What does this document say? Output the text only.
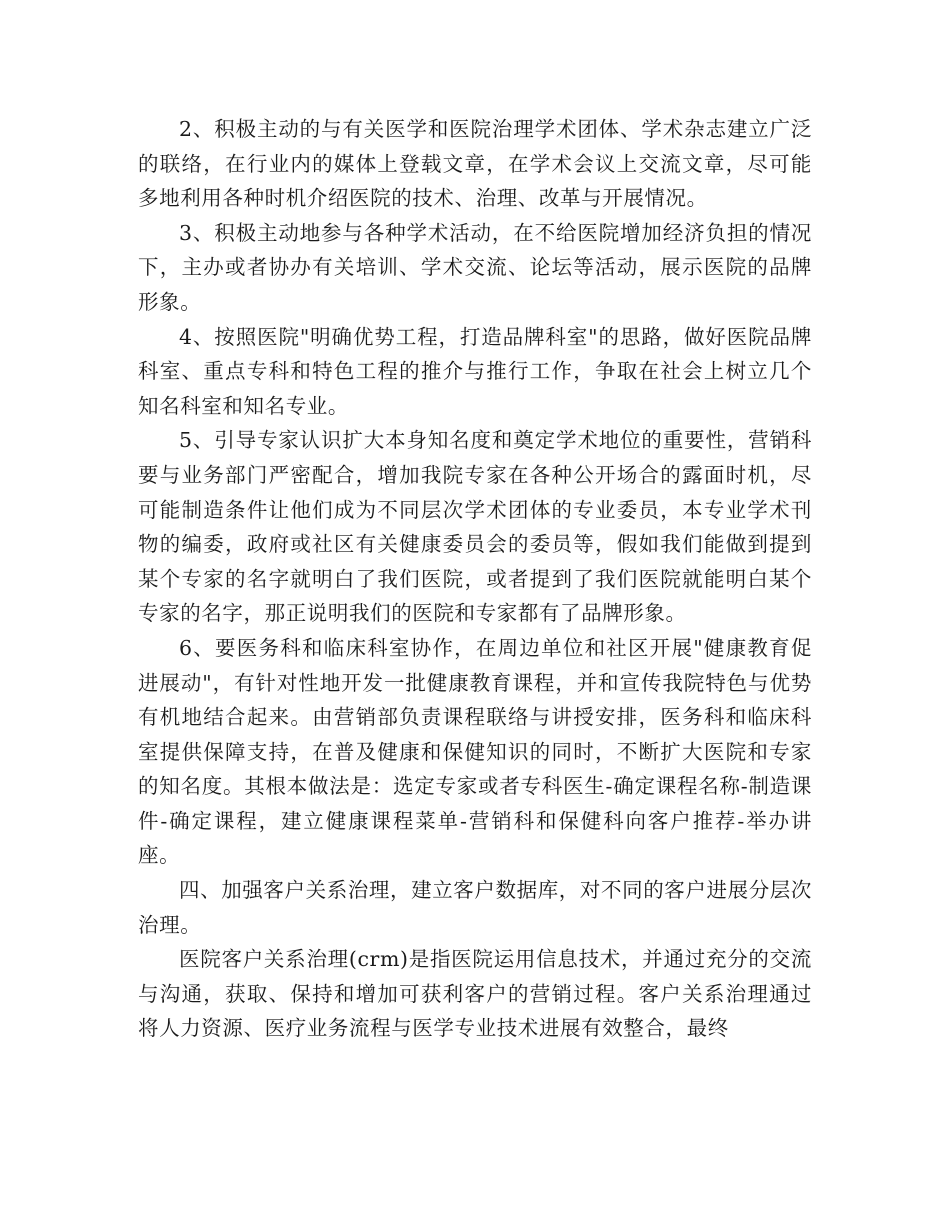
2、积极主动的与有关医学和医院治理学术团体、学术杂志建立广泛的联络，在行业内的媒体上登载文章，在学术会议上交流文章，尽可能多地利用各种时机介绍医院的技术、治理、改革与开展情况。

3、积极主动地参与各种学术活动，在不给医院增加经济负担的情况下，主办或者协办有关培训、学术交流、论坛等活动，展示医院的品牌形象。

4、按照医院"明确优势工程，打造品牌科室"的思路，做好医院品牌科室、重点专科和特色工程的推介与推行工作，争取在社会上树立几个知名科室和知名专业。

5、引导专家认识扩大本身知名度和奠定学术地位的重要性，营销科要与业务部门严密配合，增加我院专家在各种公开场合的露面时机，尽可能制造条件让他们成为不同层次学术团体的专业委员，本专业学术刊物的编委，政府或社区有关健康委员会的委员等，假如我们能做到提到某个专家的名字就明白了我们医院，或者提到了我们医院就能明白某个专家的名字，那正说明我们的医院和专家都有了品牌形象。

6、要医务科和临床科室协作，在周边单位和社区开展"健康教育促进展动"，有针对性地开发一批健康教育课程，并和宣传我院特色与优势有机地结合起来。由营销部负责课程联络与讲授安排，医务科和临床科室提供保障支持，在普及健康和保健知识的同时，不断扩大医院和专家的知名度。其根本做法是：选定专家或者专科医生-确定课程名称-制造课件-确定课程，建立健康课程菜单-营销科和保健科向客户推荐-举办讲座。

四、加强客户关系治理，建立客户数据库，对不同的客户进展分层次治理。

医院客户关系治理(crm)是指医院运用信息技术，并通过充分的交流与沟通，获取、保持和增加可获利客户的营销过程。客户关系治理通过将人力资源、医疗业务流程与医学专业技术进展有效整合，最终
